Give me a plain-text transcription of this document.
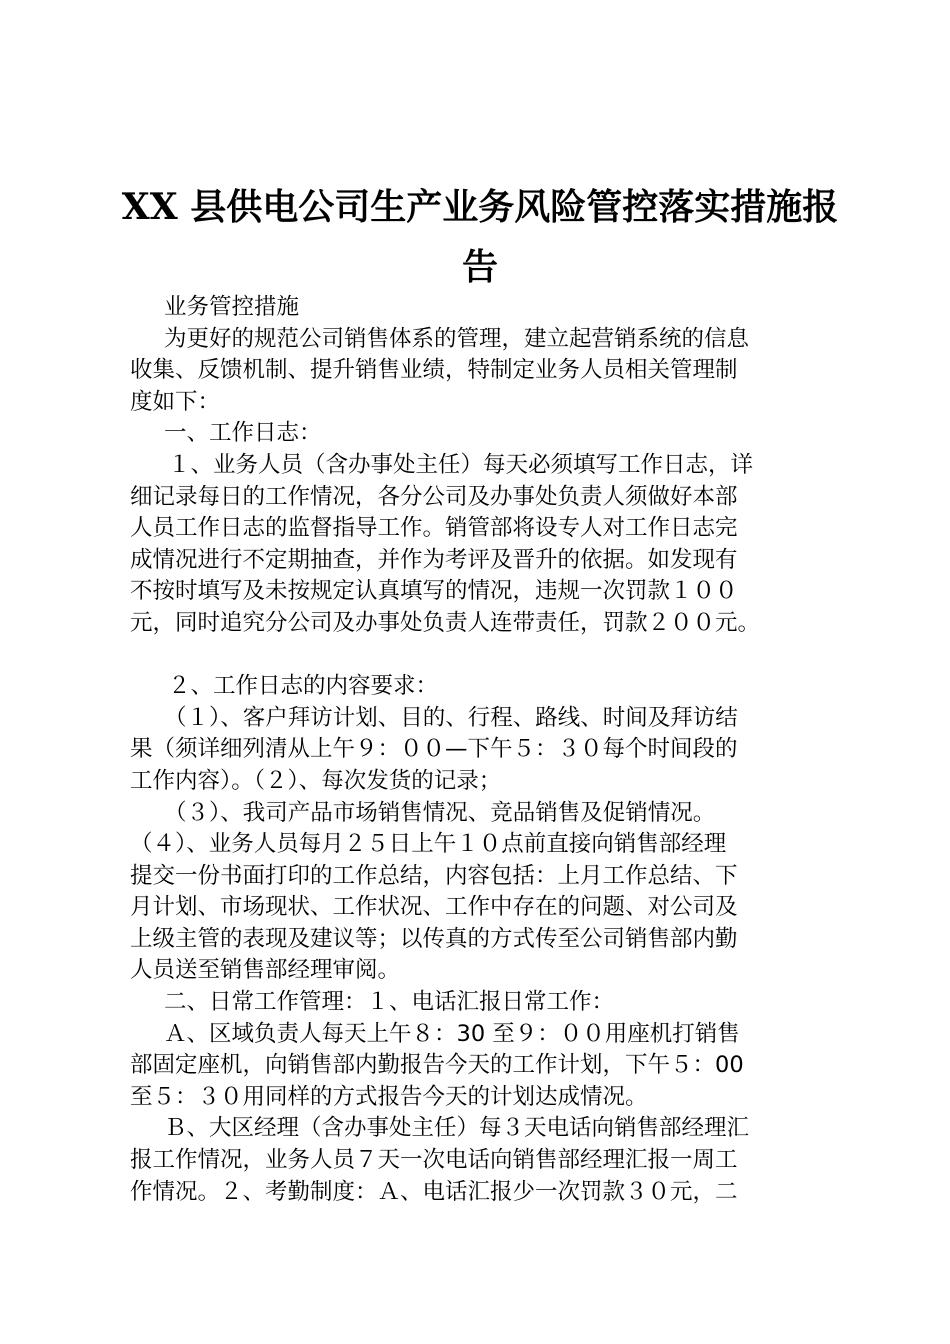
XX 县供电公司生产业务风险管控落实措施报
告
业务管控措施
为更好的规范公司销售体系的管理，建立起营销系统的信息
收集、反馈机制、提升销售业绩，特制定业务人员相关管理制
度如下：
一、工作日志：
１、业务人员（含办事处主任）每天必须填写工作日志，详
细记录每日的工作情况，各分公司及办事处负责人须做好本部
人员工作日志的监督指导工作。销管部将设专人对工作日志完
成情况进行不定期抽查，并作为考评及晋升的依据。如发现有
不按时填写及未按规定认真填写的情况，违规一次罚款１００
元，同时追究分公司及办事处负责人连带责任，罚款２００元。
２、工作日志的内容要求：
（１）、客户拜访计划、目的、行程、路线、时间及拜访结
果（须详细列清从上午９：００—下午５：３０每个时间段的
工作内容）。（２）、每次发货的记录；
（３）、我司产品市场销售情况、竞品销售及促销情况。
（４）、业务人员每月２５日上午１０点前直接向销售部经理
提交一份书面打印的工作总结，内容包括：上月工作总结、下
月计划、市场现状、工作状况、工作中存在的问题、对公司及
上级主管的表现及建议等；以传真的方式传至公司销售部内勤
人员送至销售部经理审阅。
二、日常工作管理：１、电话汇报日常工作：
Ａ、区域负责人每天上午８：30 至９：００用座机打销售
部固定座机，向销售部内勤报告今天的工作计划，下午５：00
至５：３０用同样的方式报告今天的计划达成情况。
Ｂ、大区经理（含办事处主任）每３天电话向销售部经理汇
报工作情况，业务人员７天一次电话向销售部经理汇报一周工
作情况。２、考勤制度：Ａ、电话汇报少一次罚款３０元，二
